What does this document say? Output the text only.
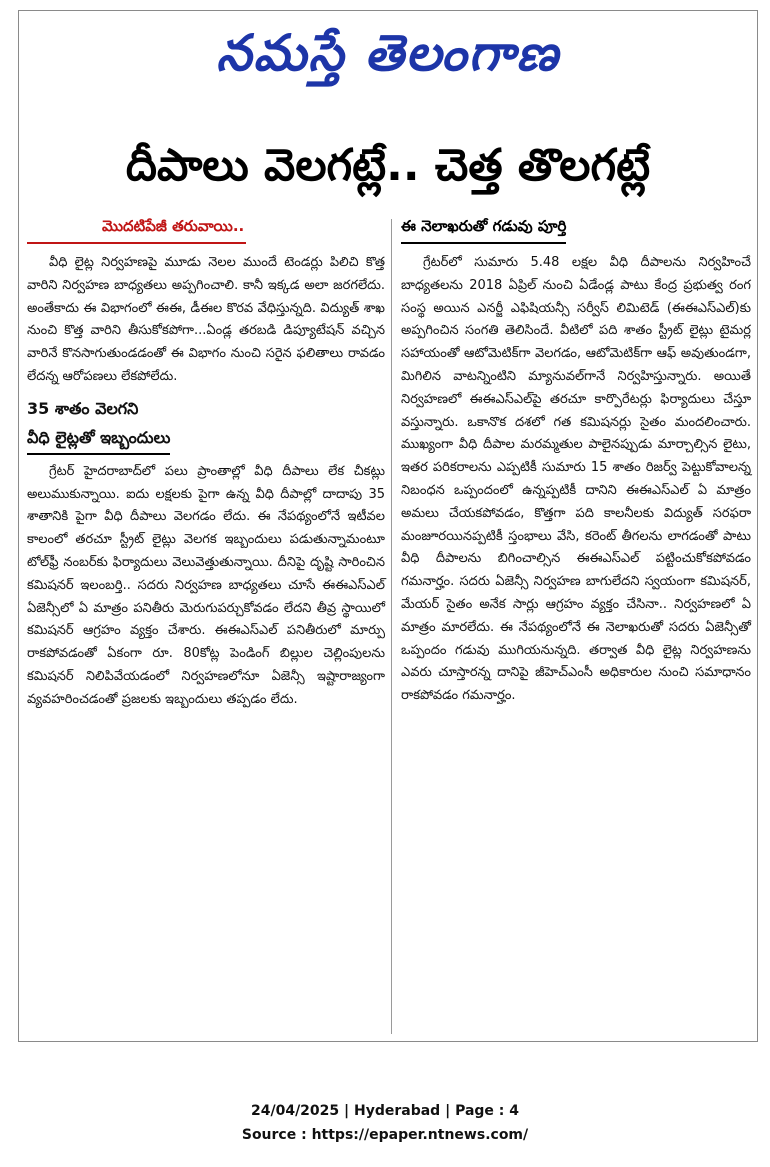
నమస్తే తెలంగాణ
దీపాలు వెలగట్లే.. చెత్త తొలగట్లే
మొదటిపేజీ తరువాయి..

వీధి లైట్ల నిర్వహణపై మూడు నెలల ముందే టెండర్లు పిలిచి కొత్త వారిని నిర్వహణ బాధ్యతలు అప్పగించాలి. కానీ ఇక్కడ అలా జరగలేదు. అంతేకాదు ఈ విభాగంలో ఈఈ, డీఈల కొరవ వేధిస్తున్నది. విద్యుత్ శాఖ నుంచి కొత్త వారిని తీసుకోకపోగా...ఏండ్ల తరబడి డిప్యూటేషన్ వచ్చిన వారినే కొనసాగుతుండడంతో ఈ విభాగం నుంచి సరైన ఫలితాలు రావడం లేదన్న ఆరోపణలు లేకపోలేదు.

35 శాతం వెలగని
వీధి లైట్లతో ఇబ్బందులు

గ్రేటర్ హైదరాబాద్‌లో పలు ప్రాంతాల్లో వీధి దీపాలు లేక చీకట్లు అలుముకున్నాయి. ఐదు లక్షలకు పైగా ఉన్న వీధి దీపాల్లో దాదాపు 35 శాతానికి పైగా వీధి దీపాలు వెలగడం లేదు. ఈ నేపథ్యంలోనే ఇటీవల కాలంలో తరచూ స్ట్రీట్ లైట్లు వెలగక ఇబ్బందులు పడుతున్నామంటూ టోల్‌ఫ్రీ నంబర్‌కు ఫిర్యాదులు వెలువెత్తుతున్నాయి. దీనిపై దృష్టి సారించిన కమిషనర్ ఇలంబర్తి.. సదరు నిర్వహణ బాధ్యతలు చూసే ఈఈఎస్ఎల్ ఏజెన్సీలో ఏ మాత్రం పనితీరు మెరుగుపర్చుకోవడం లేదని తీవ్ర స్థాయిలో కమిషనర్ ఆగ్రహం వ్యక్తం చేశారు. ఈఈఎస్ఎల్ పనితీరులో మార్పు రాకపోవడంతో ఏకంగా రూ. 80కోట్ల పెండింగ్ బిల్లుల చెల్లింపులను కమిషనర్ నిలిపివేయడంలో నిర్వహణలోనూ ఏజెన్సీ ఇష్టారాజ్యంగా వ్యవహరించడంతో ప్రజలకు ఇబ్బందులు తప్పడం లేదు.

ఈ నెలాఖరుతో గడువు పూర్తి

గ్రేటర్‌లో సుమారు 5.48 లక్షల వీధి దీపాలను నిర్వహించే బాధ్యతలను 2018 ఏప్రిల్ నుంచి ఏడేండ్ల పాటు కేంద్ర ప్రభుత్వ రంగ సంస్థ అయిన ఎనర్జీ ఎఫిషియన్సీ సర్వీస్ లిమిటెడ్ (ఈఈఎస్ఎల్)కు అప్పగించిన సంగతి తెలిసిందే. వీటిలో పది శాతం స్ట్రీట్ లైట్లు టైమర్ల సహాయంతో ఆటోమెటిక్‌గా వెలగడం, ఆటోమెటిక్‌గా ఆఫ్ అవుతుండగా, మిగిలిన వాటన్నింటిని మ్యానువల్‌గానే నిర్వహిస్తున్నారు. అయితే నిర్వహణలో ఈఈఎస్ఎల్‌పై తరచూ కార్పొరేటర్లు ఫిర్యాదులు చేస్తూ వస్తున్నారు. ఒకానొక దశలో గత కమిషనర్లు సైతం మందలించారు. ముఖ్యంగా వీధి దీపాల మరమ్మతుల పాలైనప్పుడు మార్చాల్సిన లైటు, ఇతర పరికరాలను ఎప్పటికీ సుమారు 15 శాతం రిజర్వ్ పెట్టుకోవాలన్న నిబంధన ఒప్పందంలో ఉన్నప్పటికీ దానిని ఈఈఎస్ఎల్ ఏ మాత్రం అమలు చేయకపోవడం, కొత్తగా పది కాలనీలకు విద్యుత్ సరఫరా మంజూరయినప్పటికీ స్తంభాలు వేసి, కరెంట్ తీగలను లాగడంతో పాటు వీధి దీపాలను బిగించాల్సిన ఈఈఎస్ఎల్ పట్టించుకోకపోవడం గమనార్హం. సదరు ఏజెన్సీ నిర్వహణ బాగులేదని స్వయంగా కమిషనర్, మేయర్ సైతం అనేక సార్లు ఆగ్రహం వ్యక్తం చేసినా.. నిర్వహణలో ఏ మాత్రం మారలేదు. ఈ నేపథ్యంలోనే ఈ నెలాఖరుతో సదరు ఏజెన్సీతో ఒప్పందం గడువు ముగియనున్నది. తర్వాత వీధి లైట్ల నిర్వహణను ఎవరు చూస్తారన్న దానిపై జీహెచ్ఎంసీ అధికారుల నుంచి సమాధానం రాకపోవడం గమనార్హం.

24/04/2025 | Hyderabad | Page : 4
Source : https://epaper.ntnews.com/
